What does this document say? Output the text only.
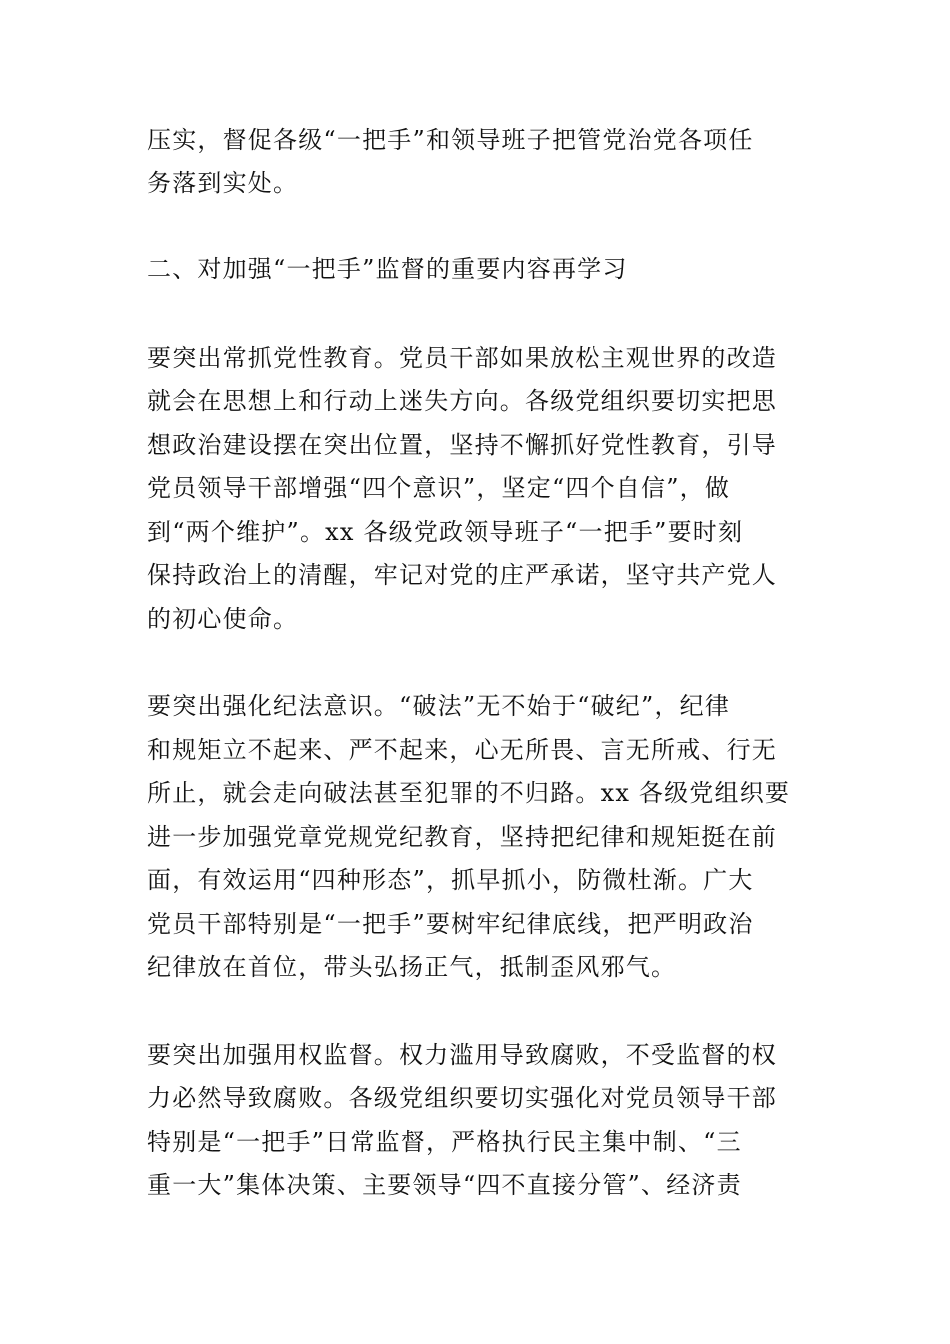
压实，督促各级“一把手”和领导班子把管党治党各项任
务落到实处。
二、对加强“一把手”监督的重要内容再学习
要突出常抓党性教育。党员干部如果放松主观世界的改造
就会在思想上和行动上迷失方向。各级党组织要切实把思
想政治建设摆在突出位置，坚持不懈抓好党性教育，引导
党员领导干部增强“四个意识”，坚定“四个自信”，做
到“两个维护”。xx 各级党政领导班子“一把手”要时刻
保持政治上的清醒，牢记对党的庄严承诺，坚守共产党人
的初心使命。
要突出强化纪法意识。“破法”无不始于“破纪”，纪律
和规矩立不起来、严不起来，心无所畏、言无所戒、行无
所止，就会走向破法甚至犯罪的不归路。xx 各级党组织要
进一步加强党章党规党纪教育，坚持把纪律和规矩挺在前
面，有效运用“四种形态”，抓早抓小，防微杜渐。广大
党员干部特别是“一把手”要树牢纪律底线，把严明政治
纪律放在首位，带头弘扬正气，抵制歪风邪气。
要突出加强用权监督。权力滥用导致腐败，不受监督的权
力必然导致腐败。各级党组织要切实强化对党员领导干部
特别是“一把手”日常监督，严格执行民主集中制、“三
重一大”集体决策、主要领导“四不直接分管”、经济责
